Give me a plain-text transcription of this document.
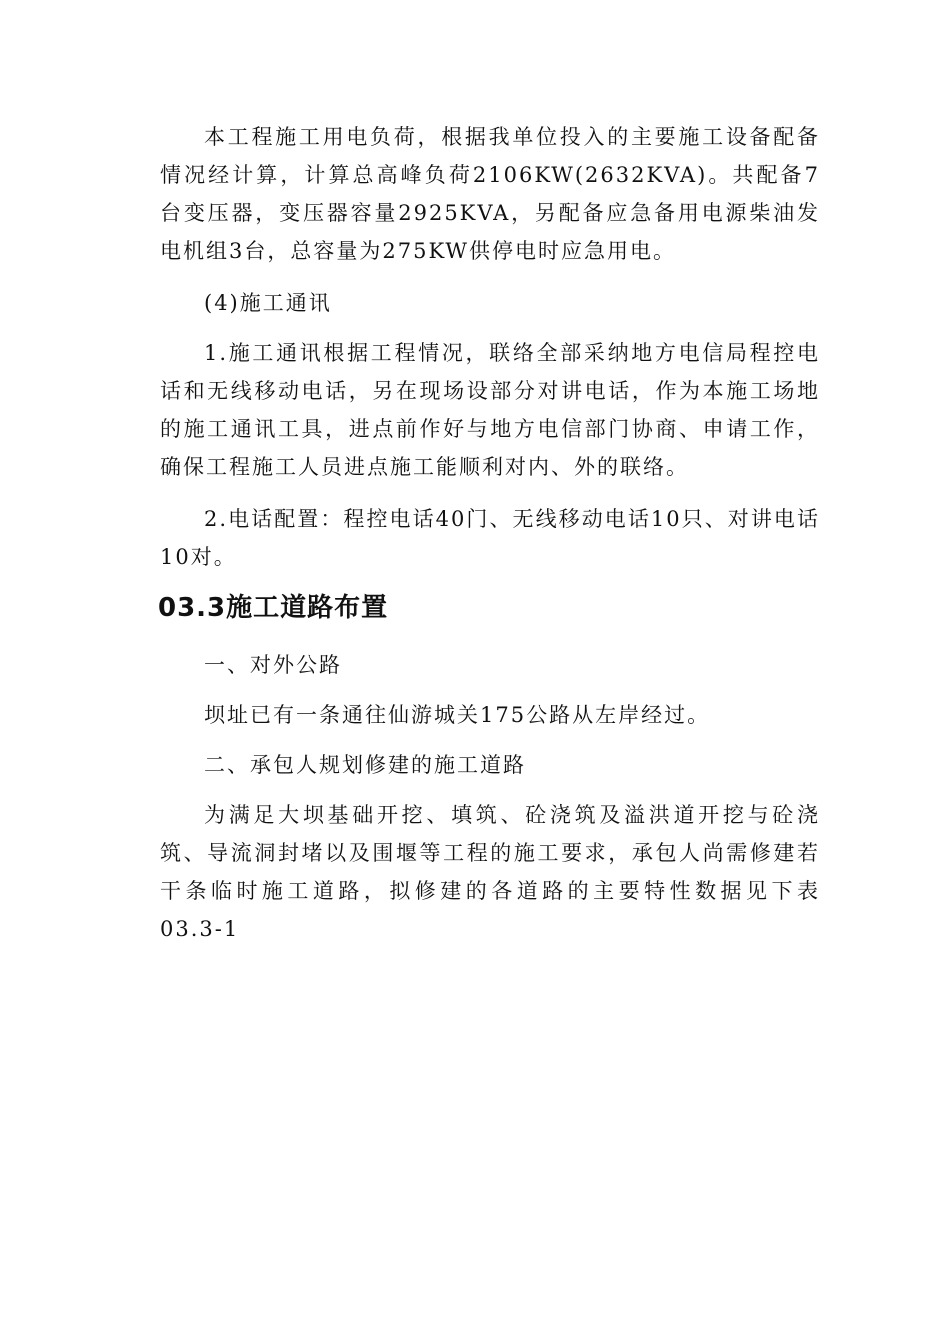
本工程施工用电负荷，根据我单位投入的主要施工设备配备情况经计算，计算总高峰负荷2106KW(2632KVA)。共配备7台变压器，变压器容量2925KVA，另配备应急备用电源柴油发电机组3台，总容量为275KW供停电时应急用电。

(4)施工通讯

1.施工通讯根据工程情况，联络全部采纳地方电信局程控电话和无线移动电话，另在现场设部分对讲电话，作为本施工场地的施工通讯工具，进点前作好与地方电信部门协商、申请工作，确保工程施工人员进点施工能顺利对内、外的联络。

2.电话配置：程控电话40门、无线移动电话10只、对讲电话10对。

03.3施工道路布置

一、对外公路

坝址已有一条通往仙游城关175公路从左岸经过。

二、承包人规划修建的施工道路

为满足大坝基础开挖、填筑、砼浇筑及溢洪道开挖与砼浇筑、导流洞封堵以及围堰等工程的施工要求，承包人尚需修建若干条临时施工道路，拟修建的各道路的主要特性数据见下表03.3-1
